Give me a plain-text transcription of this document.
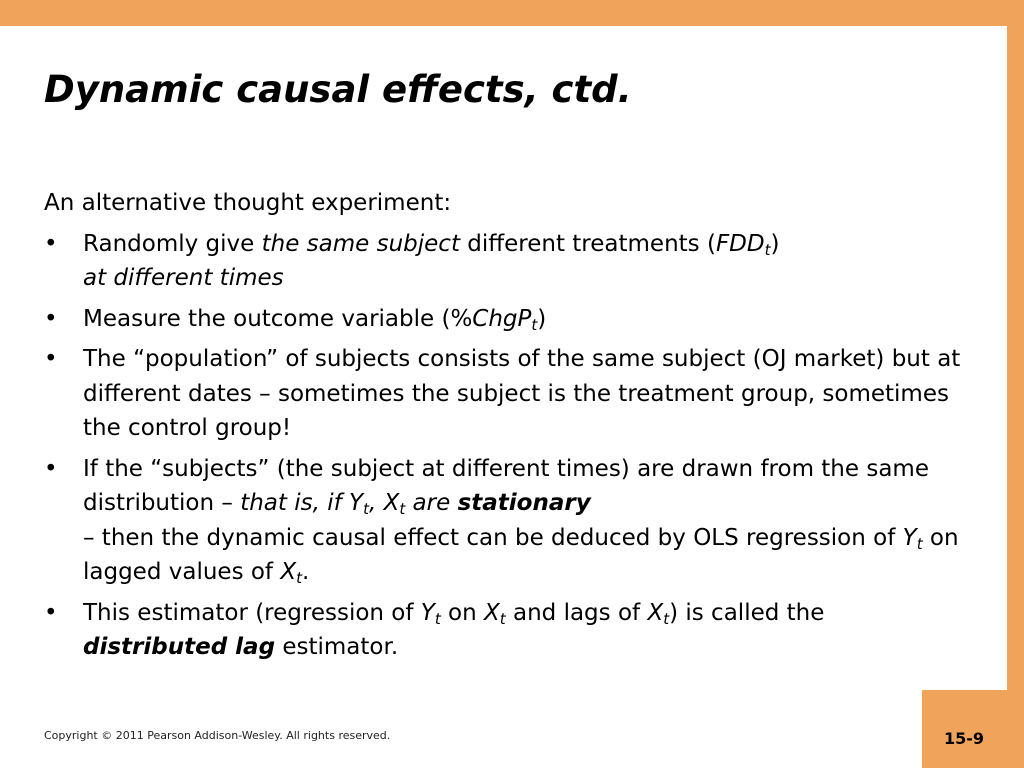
Dynamic causal effects, ctd.

An alternative thought experiment:

• Randomly give the same subject different treatments $(FDD_t)$
at different times
• Measure the outcome variable (%ChgP$_t$)
• The “population” of subjects consists of the same subject (OJ market) but at different dates – sometimes the subject is the treatment group, sometimes the control group!
• If the “subjects” (the subject at different times) are drawn from the same distribution – that is, if $Y_t$, $X_t$ are stationary
– then the dynamic causal effect can be deduced by OLS regression of $Y_t$ on lagged values of $X_t$.
• This estimator (regression of $Y_t$ on $X_t$ and lags of $X_t$) is called the distributed lag estimator.
Copyright © 2011 Pearson Addison-Wesley. All rights reserved.	15-9
